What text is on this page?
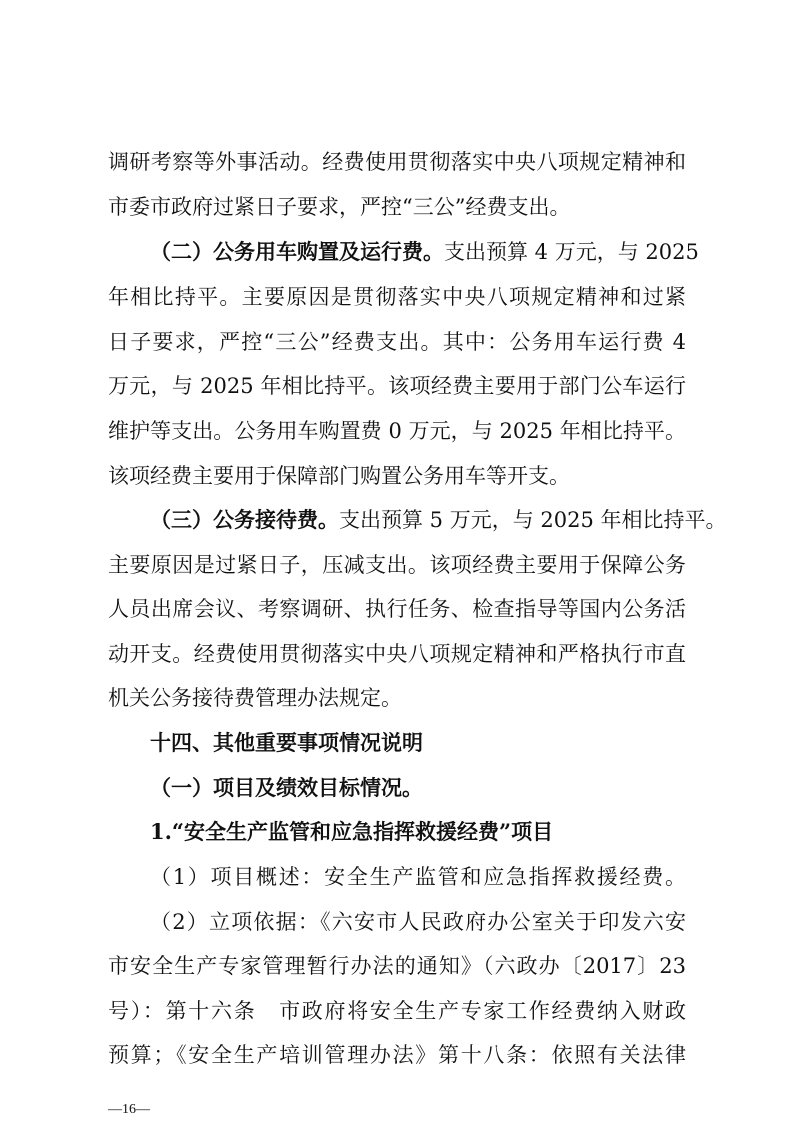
调研考察等外事活动。经费使用贯彻落实中央八项规定精神和
市委市政府过紧日子要求，严控“三公”经费支出。
（二）公务用车购置及运行费。支出预算 4 万元，与 2025
年相比持平。主要原因是贯彻落实中央八项规定精神和过紧
日子要求，严控“三公”经费支出。其中：公务用车运行费 4
万元，与 2025 年相比持平。该项经费主要用于部门公车运行
维护等支出。公务用车购置费 0 万元，与 2025 年相比持平。
该项经费主要用于保障部门购置公务用车等开支。
（三）公务接待费。支出预算 5 万元，与 2025 年相比持平。
主要原因是过紧日子，压减支出。该项经费主要用于保障公务
人员出席会议、考察调研、执行任务、检查指导等国内公务活
动开支。经费使用贯彻落实中央八项规定精神和严格执行市直
机关公务接待费管理办法规定。
十四、其他重要事项情况说明
（一）项目及绩效目标情况。
1.“安全生产监管和应急指挥救援经费”项目
（1）项目概述：安全生产监管和应急指挥救援经费。
（2）立项依据：《六安市人民政府办公室关于印发六安
市安全生产专家管理暂行办法的通知》（六政办〔2017〕23
号）：第十六条　市政府将安全生产专家工作经费纳入财政
预算；《安全生产培训管理办法》第十八条：依照有关法律
—16—
